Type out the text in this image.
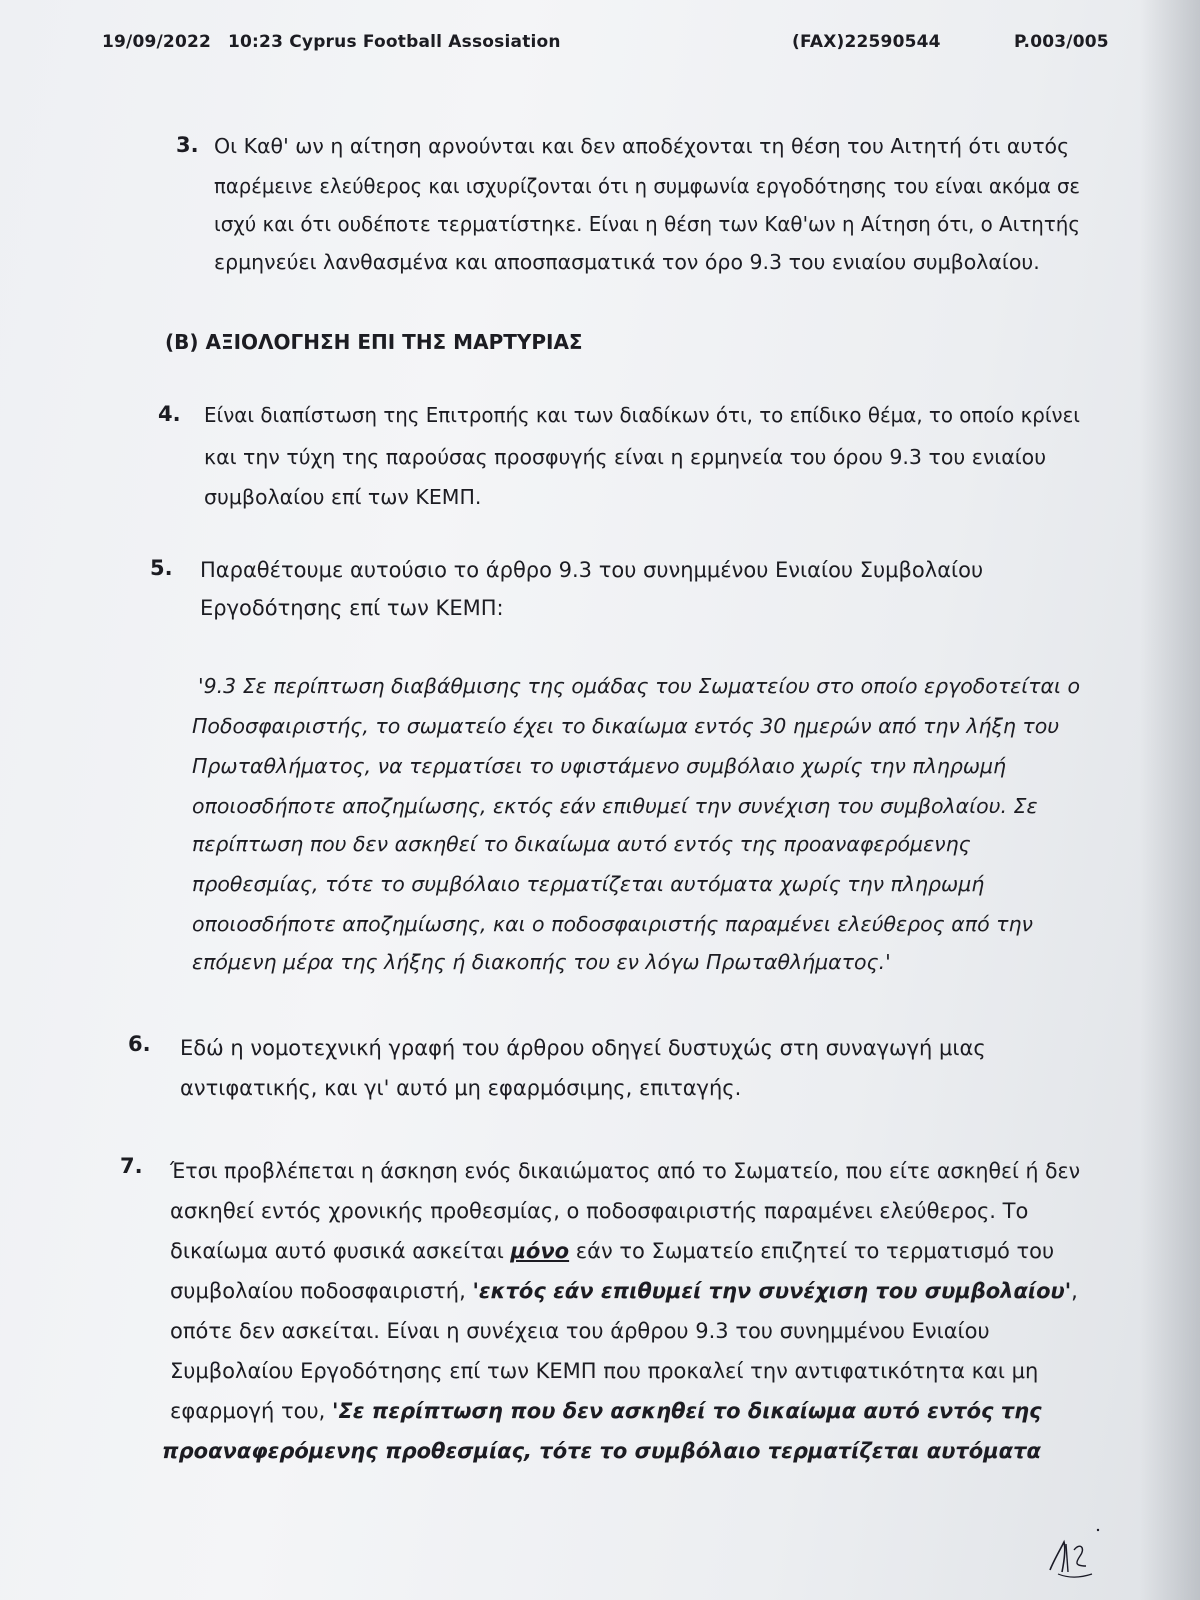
19/09/2022 10:23 Cyprus Football Assosiation	(FAX)22590544	P.003/005
3. Οι Καθ' ων η αίτηση αρνούνται και δεν αποδέχονται τη θέση του Αιτητή ότι αυτός
παρέμεινε ελεύθερος και ισχυρίζονται ότι η συμφωνία εργοδότησης του είναι ακόμα σε
ισχύ και ότι ουδέποτε τερματίστηκε. Είναι η θέση των Καθ'ων η Αίτηση ότι, ο Αιτητής
ερμηνεύει λανθασμένα και αποσπασματικά τον όρο 9.3 του ενιαίου συμβολαίου.
(Β) ΑΞΙΟΛΟΓΗΣΗ ΕΠΙ ΤΗΣ ΜΑΡΤΥΡΙΑΣ
4. Είναι διαπίστωση της Επιτροπής και των διαδίκων ότι, το επίδικο θέμα, το οποίο κρίνει
και την τύχη της παρούσας προσφυγής είναι η ερμηνεία του όρου 9.3 του ενιαίου
συμβολαίου επί των ΚΕΜΠ.
5. Παραθέτουμε αυτούσιο το άρθρο 9.3 του συνημμένου Ενιαίου Συμβολαίου
Εργοδότησης επί των ΚΕΜΠ:
'9.3 Σε περίπτωση διαβάθμισης της ομάδας του Σωματείου στο οποίο εργοδοτείται ο
Ποδοσφαιριστής, το σωματείο έχει το δικαίωμα εντός 30 ημερών από την λήξη του
Πρωταθλήματος, να τερματίσει το υφιστάμενο συμβόλαιο χωρίς την πληρωμή
οποιοσδήποτε αποζημίωσης, εκτός εάν επιθυμεί την συνέχιση του συμβολαίου. Σε
περίπτωση που δεν ασκηθεί το δικαίωμα αυτό εντός της προαναφερόμενης
προθεσμίας, τότε το συμβόλαιο τερματίζεται αυτόματα χωρίς την πληρωμή
οποιοσδήποτε αποζημίωσης, και ο ποδοσφαιριστής παραμένει ελεύθερος από την
επόμενη μέρα της λήξης ή διακοπής του εν λόγω Πρωταθλήματος.'
6. Εδώ η νομοτεχνική γραφή του άρθρου οδηγεί δυστυχώς στη συναγωγή μιας
αντιφατικής, και γι' αυτό μη εφαρμόσιμης, επιταγής.
7. Έτσι προβλέπεται η άσκηση ενός δικαιώματος από το Σωματείο, που είτε ασκηθεί ή δεν
ασκηθεί εντός χρονικής προθεσμίας, ο ποδοσφαιριστής παραμένει ελεύθερος. Το
δικαίωμα αυτό φυσικά ασκείται μόνο εάν το Σωματείο επιζητεί το τερματισμό του
συμβολαίου ποδοσφαιριστή, 'εκτός εάν επιθυμεί την συνέχιση του συμβολαίου',
οπότε δεν ασκείται. Είναι η συνέχεια του άρθρου 9.3 του συνημμένου Ενιαίου
Συμβολαίου Εργοδότησης επί των ΚΕΜΠ που προκαλεί την αντιφατικότητα και μη
εφαρμογή του, 'Σε περίπτωση που δεν ασκηθεί το δικαίωμα αυτό εντός της
προαναφερόμενης προθεσμίας, τότε το συμβόλαιο τερματίζεται αυτόματα
